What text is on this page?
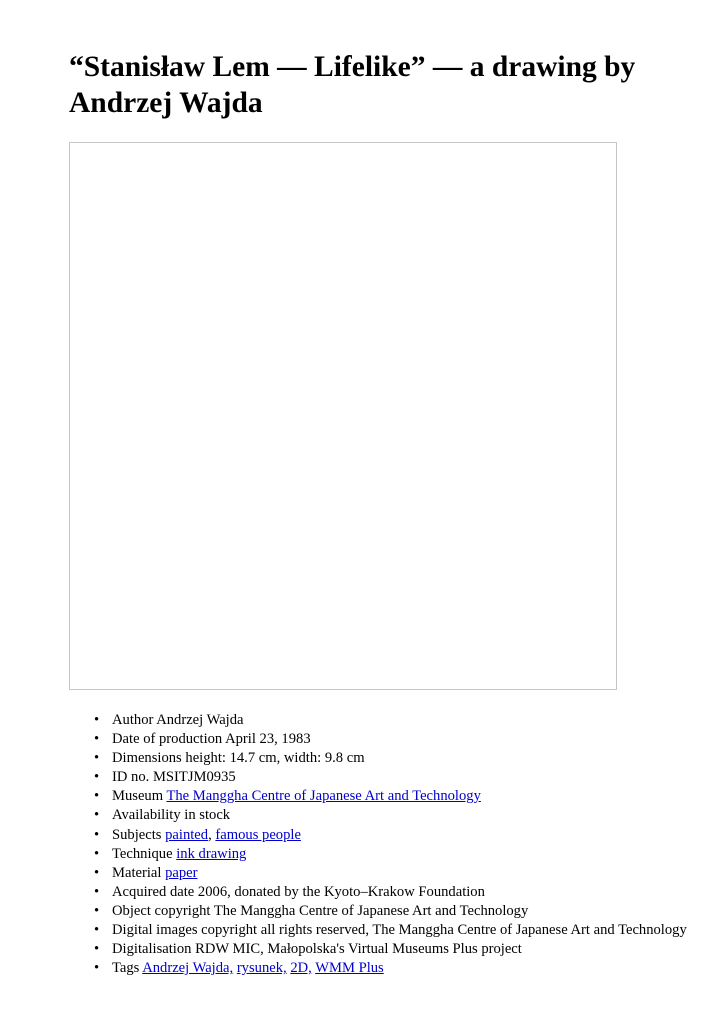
“Stanisław Lem — Lifelike” — a drawing by Andrzej Wajda
• Author Andrzej Wajda
• Date of production April 23, 1983
• Dimensions height: 14.7 cm, width: 9.8 cm
• ID no. MSITJM0935
• Museum The Manggha Centre of Japanese Art and Technology
• Availability in stock
• Subjects painted, famous people
• Technique ink drawing
• Material paper
• Acquired date 2006, donated by the Kyoto–Krakow Foundation
• Object copyright The Manggha Centre of Japanese Art and Technology
• Digital images copyright all rights reserved, The Manggha Centre of Japanese Art and Technology
• Digitalisation RDW MIC, Małopolska's Virtual Museums Plus project
• Tags Andrzej Wajda, rysunek, 2D, WMM Plus
